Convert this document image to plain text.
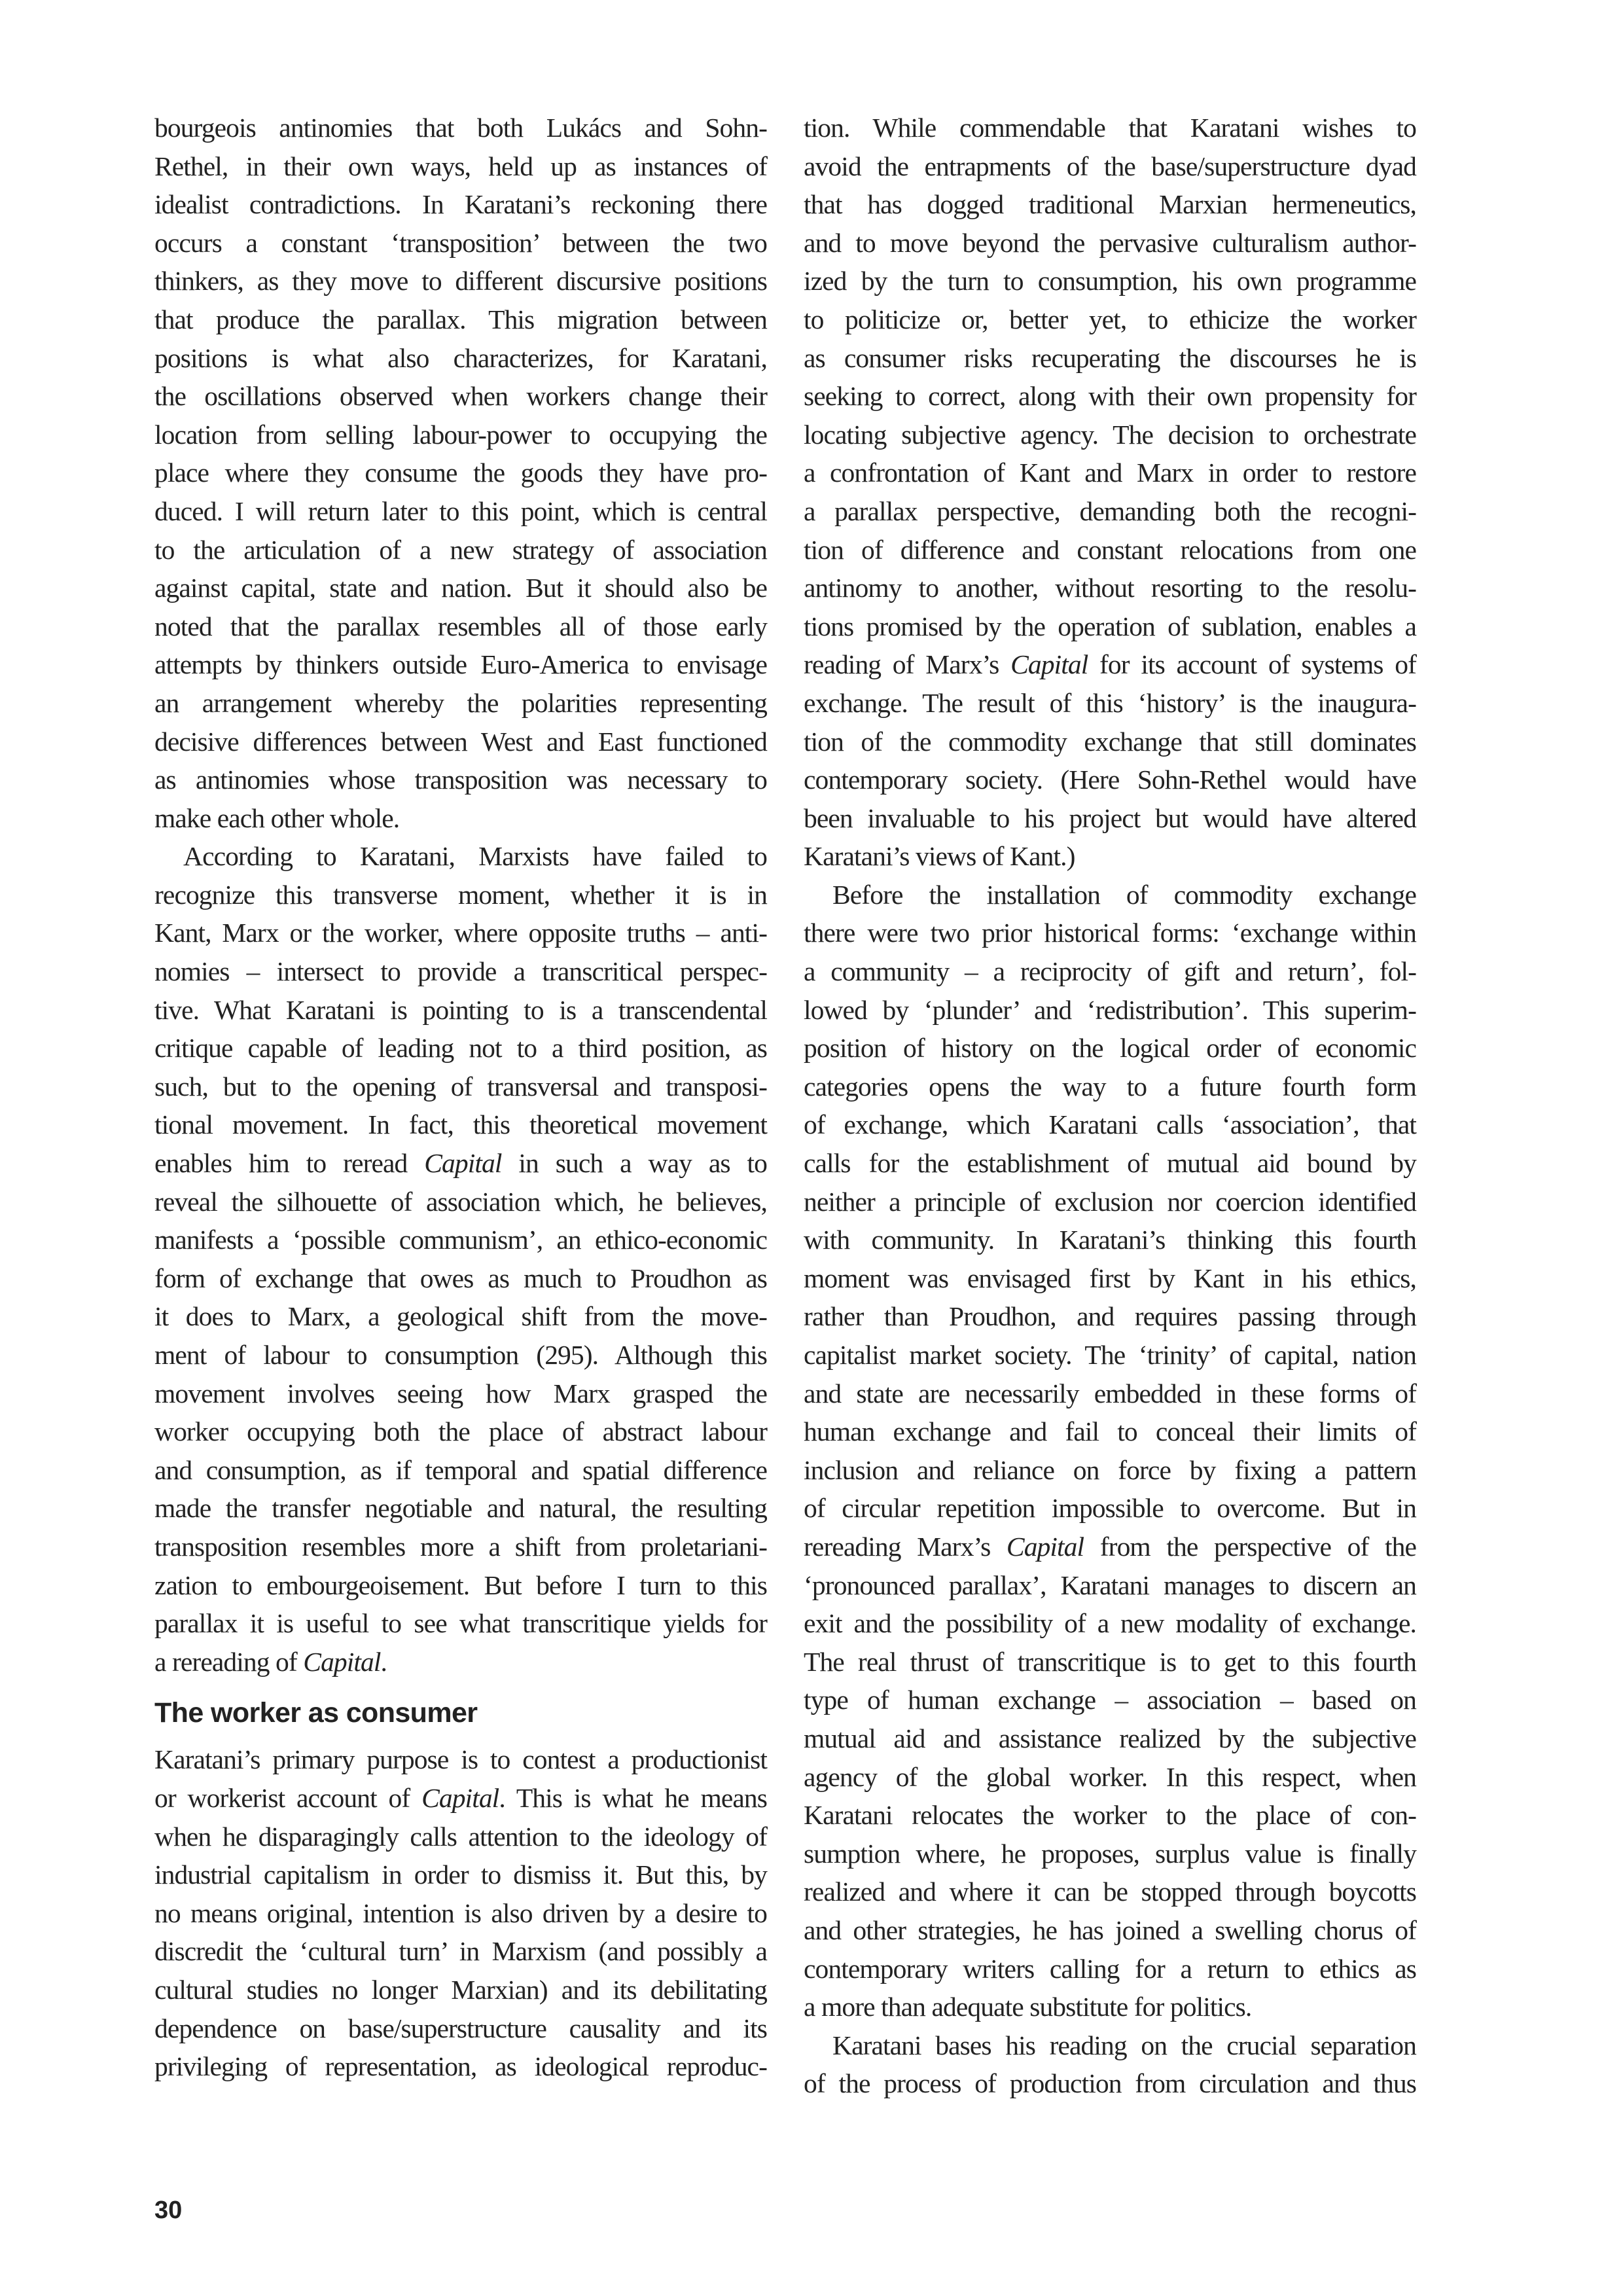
bourgeois antinomies that both Lukács and Sohn-
Rethel, in their own ways, held up as instances of
idealist contradictions. In Karatani’s reckoning there
occurs a constant ‘transposition’ between the two
thinkers, as they move to different discursive positions
that produce the parallax. This migration between
positions is what also characterizes, for Karatani,
the oscillations observed when workers change their
location from selling labour-power to occupying the
place where they consume the goods they have pro-
duced. I will return later to this point, which is central
to the articulation of a new strategy of association
against capital, state and nation. But it should also be
noted that the parallax resembles all of those early
attempts by thinkers outside Euro-America to envisage
an arrangement whereby the polarities representing
decisive differences between West and East functioned
as antinomies whose transposition was necessary to
make each other whole.
According to Karatani, Marxists have failed to
recognize this transverse moment, whether it is in
Kant, Marx or the worker, where opposite truths – anti-
nomies – intersect to provide a transcritical perspec-
tive. What Karatani is pointing to is a transcendental
critique capable of leading not to a third position, as
such, but to the opening of transversal and transposi-
tional movement. In fact, this theoretical movement
enables him to reread Capital in such a way as to
reveal the silhouette of association which, he believes,
manifests a ‘possible communism’, an ethico-economic
form of exchange that owes as much to Proudhon as
it does to Marx, a geological shift from the move-
ment of labour to consumption (295). Although this
movement involves seeing how Marx grasped the
worker occupying both the place of abstract labour
and consumption, as if temporal and spatial difference
made the transfer negotiable and natural, the resulting
transposition resembles more a shift from proletariani-
zation to embourgeoisement. But before I turn to this
parallax it is useful to see what transcritique yields for
a rereading of Capital.
The worker as consumer
Karatani’s primary purpose is to contest a productionist
or workerist account of Capital. This is what he means
when he disparagingly calls attention to the ideology of
industrial capitalism in order to dismiss it. But this, by
no means original, intention is also driven by a desire to
discredit the ‘cultural turn’ in Marxism (and possibly a
cultural studies no longer Marxian) and its debilitating
dependence on base/superstructure causality and its
privileging of representation, as ideological reproduc-
tion. While commendable that Karatani wishes to
avoid the entrapments of the base/superstructure dyad
that has dogged traditional Marxian hermeneutics,
and to move beyond the pervasive culturalism author-
ized by the turn to consumption, his own programme
to politicize or, better yet, to ethicize the worker
as consumer risks recuperating the discourses he is
seeking to correct, along with their own propensity for
locating subjective agency. The decision to orchestrate
a confrontation of Kant and Marx in order to restore
a parallax perspective, demanding both the recogni-
tion of difference and constant relocations from one
antinomy to another, without resorting to the resolu-
tions promised by the operation of sublation, enables a
reading of Marx’s Capital for its account of systems of
exchange. The result of this ‘history’ is the inaugura-
tion of the commodity exchange that still dominates
contemporary society. (Here Sohn-Rethel would have
been invaluable to his project but would have altered
Karatani’s views of Kant.)
Before the installation of commodity exchange
there were two prior historical forms: ‘exchange within
a community – a reciprocity of gift and return’, fol-
lowed by ‘plunder’ and ‘redistribution’. This superim-
position of history on the logical order of economic
categories opens the way to a future fourth form
of exchange, which Karatani calls ‘association’, that
calls for the establishment of mutual aid bound by
neither a principle of exclusion nor coercion identified
with community. In Karatani’s thinking this fourth
moment was envisaged first by Kant in his ethics,
rather than Proudhon, and requires passing through
capitalist market society. The ‘trinity’ of capital, nation
and state are necessarily embedded in these forms of
human exchange and fail to conceal their limits of
inclusion and reliance on force by fixing a pattern
of circular repetition impossible to overcome. But in
rereading Marx’s Capital from the perspective of the
‘pronounced parallax’, Karatani manages to discern an
exit and the possibility of a new modality of exchange.
The real thrust of transcritique is to get to this fourth
type of human exchange – association – based on
mutual aid and assistance realized by the subjective
agency of the global worker. In this respect, when
Karatani relocates the worker to the place of con-
sumption where, he proposes, surplus value is finally
realized and where it can be stopped through boycotts
and other strategies, he has joined a swelling chorus of
contemporary writers calling for a return to ethics as
a more than adequate substitute for politics.
Karatani bases his reading on the crucial separation
of the process of production from circulation and thus
30
